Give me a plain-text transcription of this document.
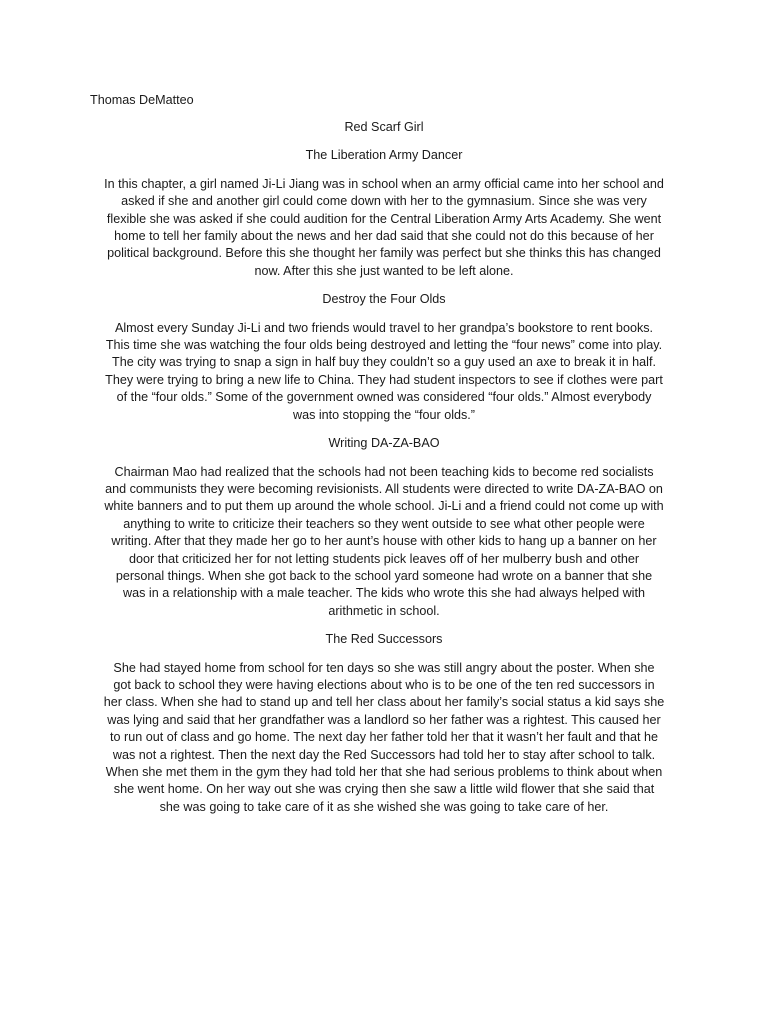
Thomas DeMatteo
Red Scarf Girl
The Liberation Army Dancer
In this chapter, a girl named Ji-Li Jiang was in school when an army official came into her school and
asked if she and another girl could come down with her to the gymnasium. Since she was very
flexible she was asked if she could audition for the Central Liberation Army Arts Academy. She went
home to tell her family about the news and her dad said that she could not do this because of her
political background. Before this she thought her family was perfect but she thinks this has changed
now. After this she just wanted to be left alone.
Destroy the Four Olds
Almost every Sunday Ji-Li and two friends would travel to her grandpa’s bookstore to rent books.
This time she was watching the four olds being destroyed and letting the “four news” come into play.
The city was trying to snap a sign in half buy they couldn’t so a guy used an axe to break it in half.
They were trying to bring a new life to China. They had student inspectors to see if clothes were part
of the “four olds.” Some of the government owned was considered “four olds.” Almost everybody
was into stopping the “four olds.”
Writing DA-ZA-BAO
Chairman Mao had realized that the schools had not been teaching kids to become red socialists
and communists they were becoming revisionists. All students were directed to write DA-ZA-BAO on
white banners and to put them up around the whole school. Ji-Li and a friend could not come up with
anything to write to criticize their teachers so they went outside to see what other people were
writing. After that they made her go to her aunt’s house with other kids to hang up a banner on her
door that criticized her for not letting students pick leaves off of her mulberry bush and other
personal things. When she got back to the school yard someone had wrote on a banner that she
was in a relationship with a male teacher. The kids who wrote this she had always helped with
arithmetic in school.
The Red Successors
She had stayed home from school for ten days so she was still angry about the poster. When she
got back to school they were having elections about who is to be one of the ten red successors in
her class. When she had to stand up and tell her class about her family’s social status a kid says she
was lying and said that her grandfather was a landlord so her father was a rightest. This caused her
to run out of class and go home. The next day her father told her that it wasn’t her fault and that he
was not a rightest. Then the next day the Red Successors had told her to stay after school to talk.
When she met them in the gym they had told her that she had serious problems to think about when
she went home. On her way out she was crying then she saw a little wild flower that she said that
she was going to take care of it as she wished she was going to take care of her.
